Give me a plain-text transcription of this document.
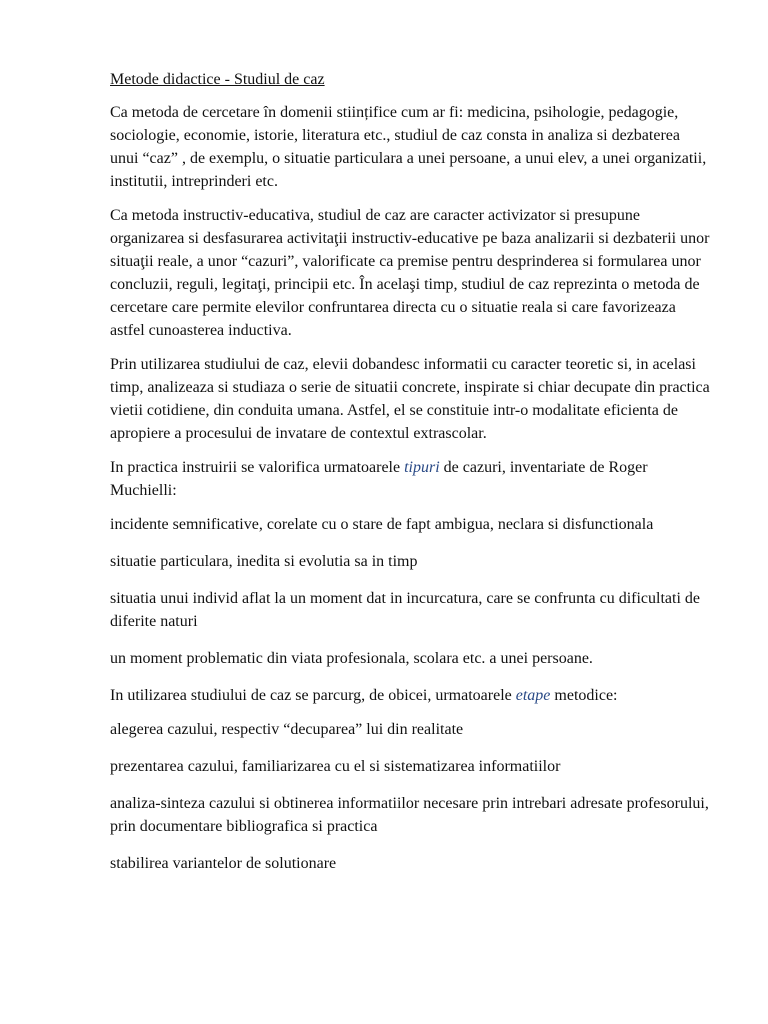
Metode didactice - Studiul de caz

Ca metoda de cercetare în domenii stiințifice cum ar fi: medicina, psihologie, pedagogie, sociologie, economie, istorie, literatura etc., studiul de caz consta in analiza si dezbaterea unui “caz” , de exemplu, o situatie particulara a unei persoane, a unui elev, a unei organizatii, institutii, intreprinderi etc.

Ca metoda instructiv-educativa, studiul de caz are caracter activizator si presupune organizarea si desfasurarea activitaţii instructiv-educative pe baza analizarii si dezbaterii unor situaţii reale, a unor “cazuri”, valorificate ca premise pentru desprinderea si formularea unor concluzii, reguli, legitaţi, principii etc. În acelaşi timp, studiul de caz reprezinta o metoda de cercetare care permite elevilor confruntarea directa cu o situatie reala si care favorizeaza astfel cunoasterea inductiva.

Prin utilizarea studiului de caz, elevii dobandesc informatii cu caracter teoretic si, in acelasi timp, analizeaza si studiaza o serie de situatii concrete, inspirate si chiar decupate din practica vietii cotidiene, din conduita umana. Astfel, el se constituie intr-o modalitate eficienta de apropiere a procesului de invatare de contextul extrascolar.

In practica instruirii se valorifica urmatoarele tipuri de cazuri, inventariate de Roger Muchielli:

incidente semnificative, corelate cu o stare de fapt ambigua, neclara si disfunctionala

situatie particulara, inedita si evolutia sa in timp

situatia unui individ aflat la un moment dat in incurcatura, care se confrunta cu dificultati de diferite naturi

un moment problematic din viata profesionala, scolara etc. a unei persoane.

In utilizarea studiului de caz se parcurg, de obicei, urmatoarele etape metodice:

alegerea cazului, respectiv “decuparea” lui din realitate

prezentarea cazului, familiarizarea cu el si sistematizarea informatiilor

analiza-sinteza cazului si obtinerea informatiilor necesare prin intrebari adresate profesorului, prin documentare bibliografica si practica

stabilirea variantelor de solutionare
